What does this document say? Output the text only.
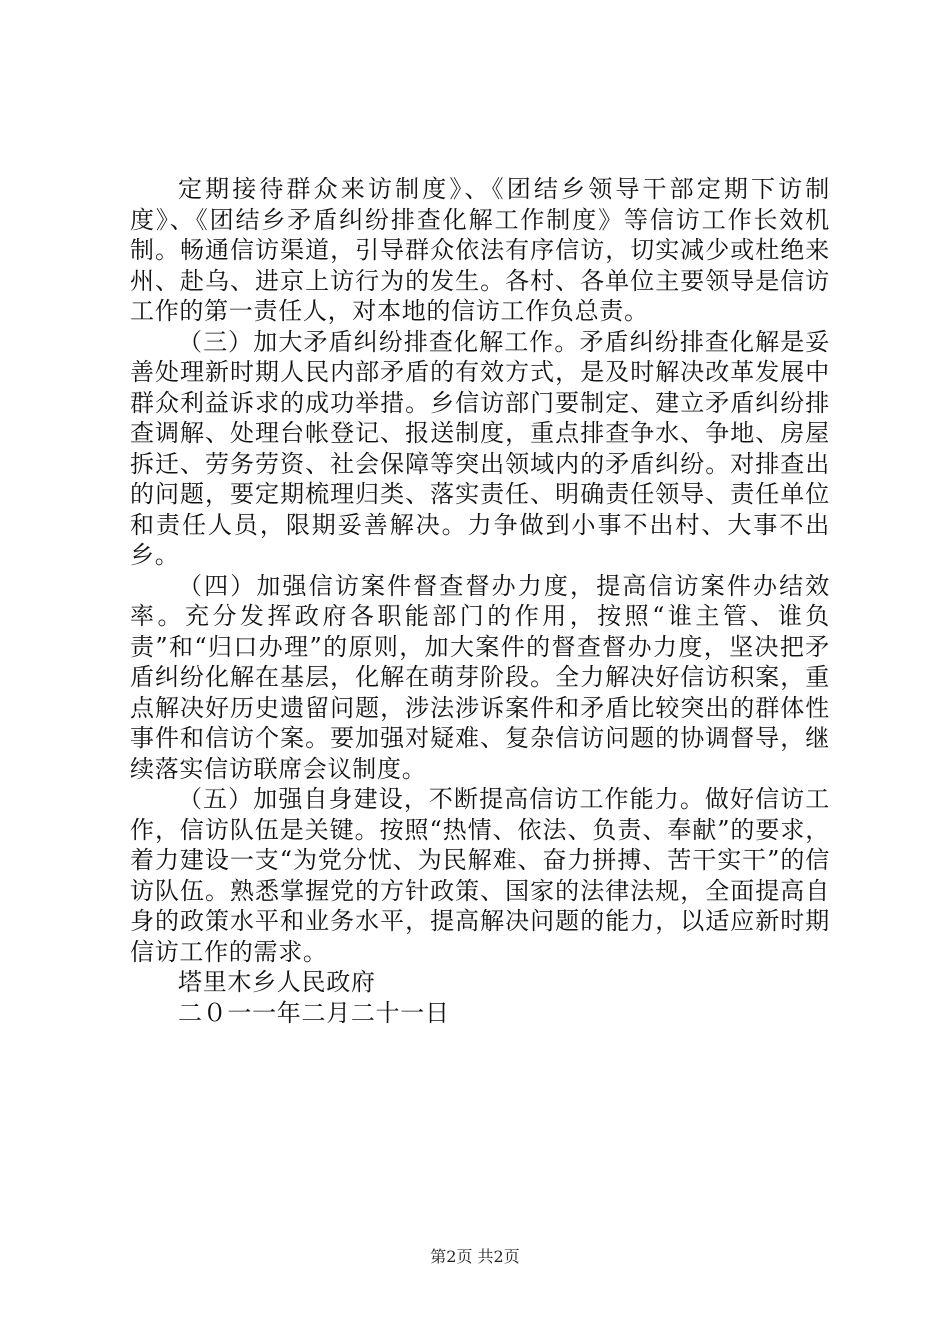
定期接待群众来访制度》、《团结乡领导干部定期下访制度》、《团结乡矛盾纠纷排查化解工作制度》等信访工作长效机制。畅通信访渠道，引导群众依法有序信访，切实减少或杜绝来州、赴乌、进京上访行为的发生。各村、各单位主要领导是信访工作的第一责任人，对本地的信访工作负总责。

（三）加大矛盾纠纷排查化解工作。矛盾纠纷排查化解是妥善处理新时期人民内部矛盾的有效方式，是及时解决改革发展中群众利益诉求的成功举措。乡信访部门要制定、建立矛盾纠纷排查调解、处理台帐登记、报送制度，重点排查争水、争地、房屋拆迁、劳务劳资、社会保障等突出领域内的矛盾纠纷。对排查出的问题，要定期梳理归类、落实责任、明确责任领导、责任单位和责任人员，限期妥善解决。力争做到小事不出村、大事不出乡。

（四）加强信访案件督查督办力度，提高信访案件办结效率。充分发挥政府各职能部门的作用，按照“谁主管、谁负责”和“归口办理”的原则，加大案件的督查督办力度，坚决把矛盾纠纷化解在基层，化解在萌芽阶段。全力解决好信访积案，重点解决好历史遗留问题，涉法涉诉案件和矛盾比较突出的群体性事件和信访个案。要加强对疑难、复杂信访问题的协调督导，继续落实信访联席会议制度。

（五）加强自身建设，不断提高信访工作能力。做好信访工作，信访队伍是关键。按照“热情、依法、负责、奉献”的要求，着力建设一支“为党分忧、为民解难、奋力拼搏、苦干实干”的信访队伍。熟悉掌握党的方针政策、国家的法律法规，全面提高自身的政策水平和业务水平，提高解决问题的能力，以适应新时期信访工作的需求。

塔里木乡人民政府

二０一一年二月二十一日

第2页 共2页
